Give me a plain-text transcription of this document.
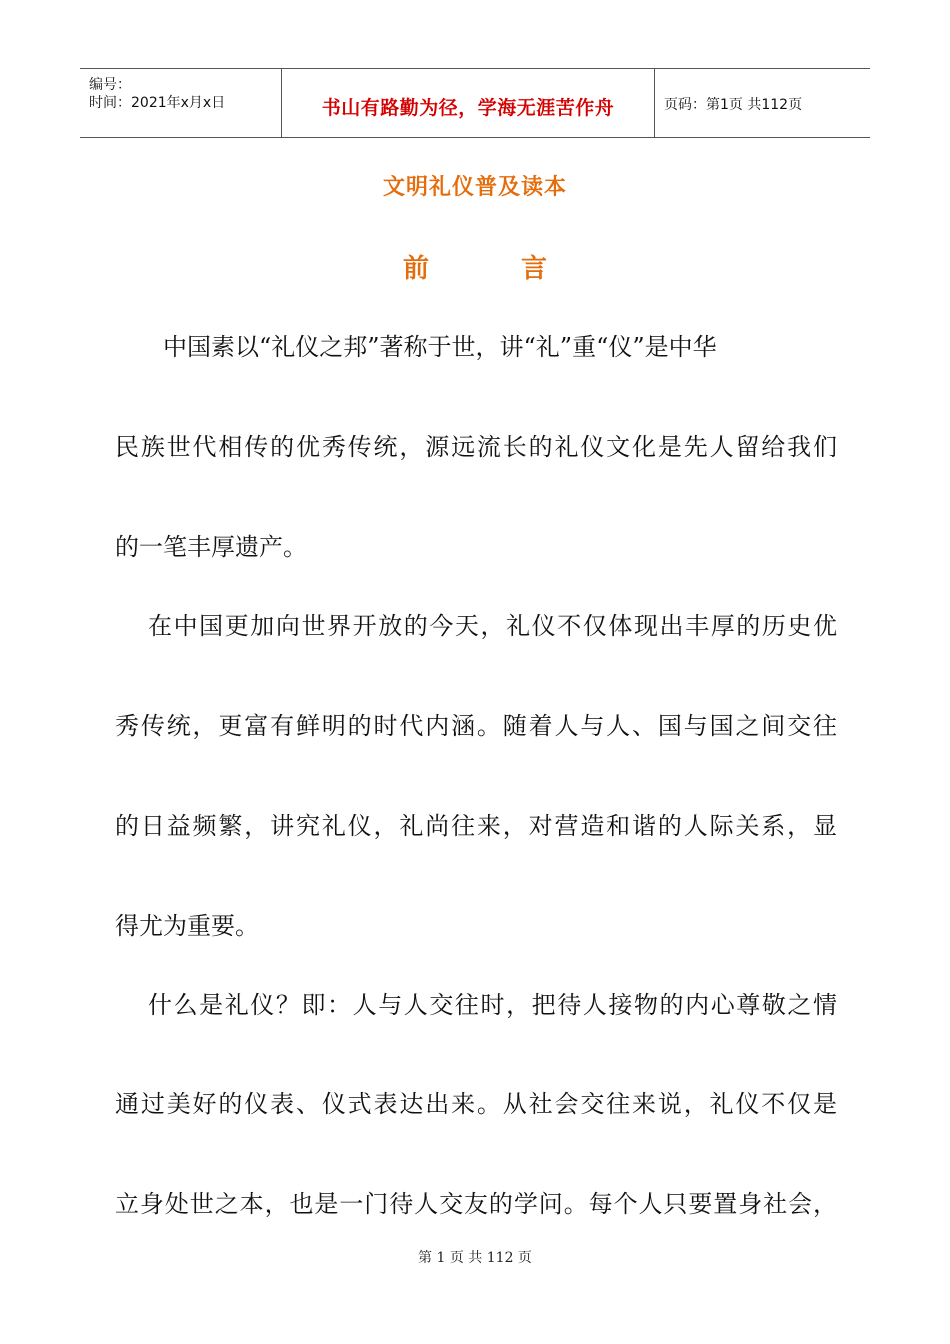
编号：
时间：2021年x月x日	书山有路勤为径，学海无涯苦作舟	页码：第1页 共112页
文明礼仪普及读本
前	言
中国素以“礼仪之邦”著称于世，讲“礼”重“仪”是中华
民族世代相传的优秀传统，源远流长的礼仪文化是先人留给我们
的一笔丰厚遗产。
在中国更加向世界开放的今天，礼仪不仅体现出丰厚的历史优
秀传统，更富有鲜明的时代内涵。随着人与人、国与国之间交往
的日益频繁，讲究礼仪，礼尚往来，对营造和谐的人际关系，显
得尤为重要。
什么是礼仪？即：人与人交往时，把待人接物的内心尊敬之情
通过美好的仪表、仪式表达出来。从社会交往来说，礼仪不仅是
立身处世之本，也是一门待人交友的学问。每个人只要置身社会，
第 1 页 共 112 页
